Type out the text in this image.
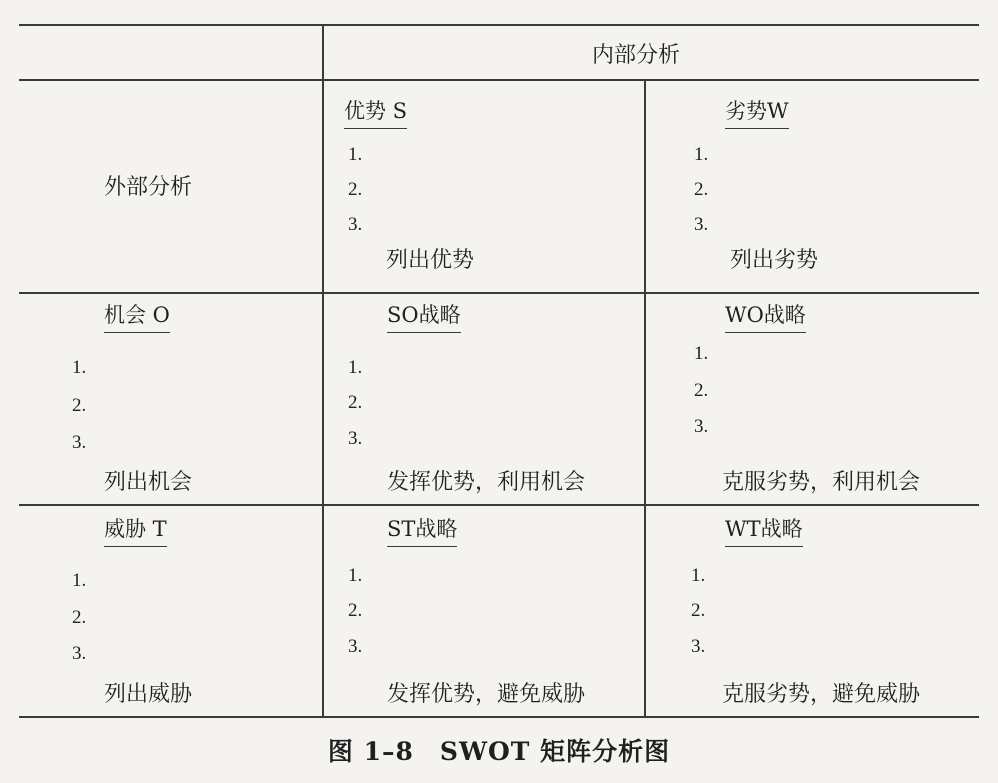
内部分析
外部分析
优势 S
1.
2.
3.
列出优势
劣势W
1.
2.
3.
列出劣势
机会 O
1.
2.
3.
列出机会
SO战略
1.
2.
3.
发挥优势，利用机会
WO战略
1.
2.
3.
克服劣势，利用机会
威胁 T
1.
2.
3.
列出威胁
ST战略
1.
2.
3.
发挥优势，避免威胁
WT战略
1.
2.
3.
克服劣势，避免威胁
图 1–8　SWOT 矩阵分析图
